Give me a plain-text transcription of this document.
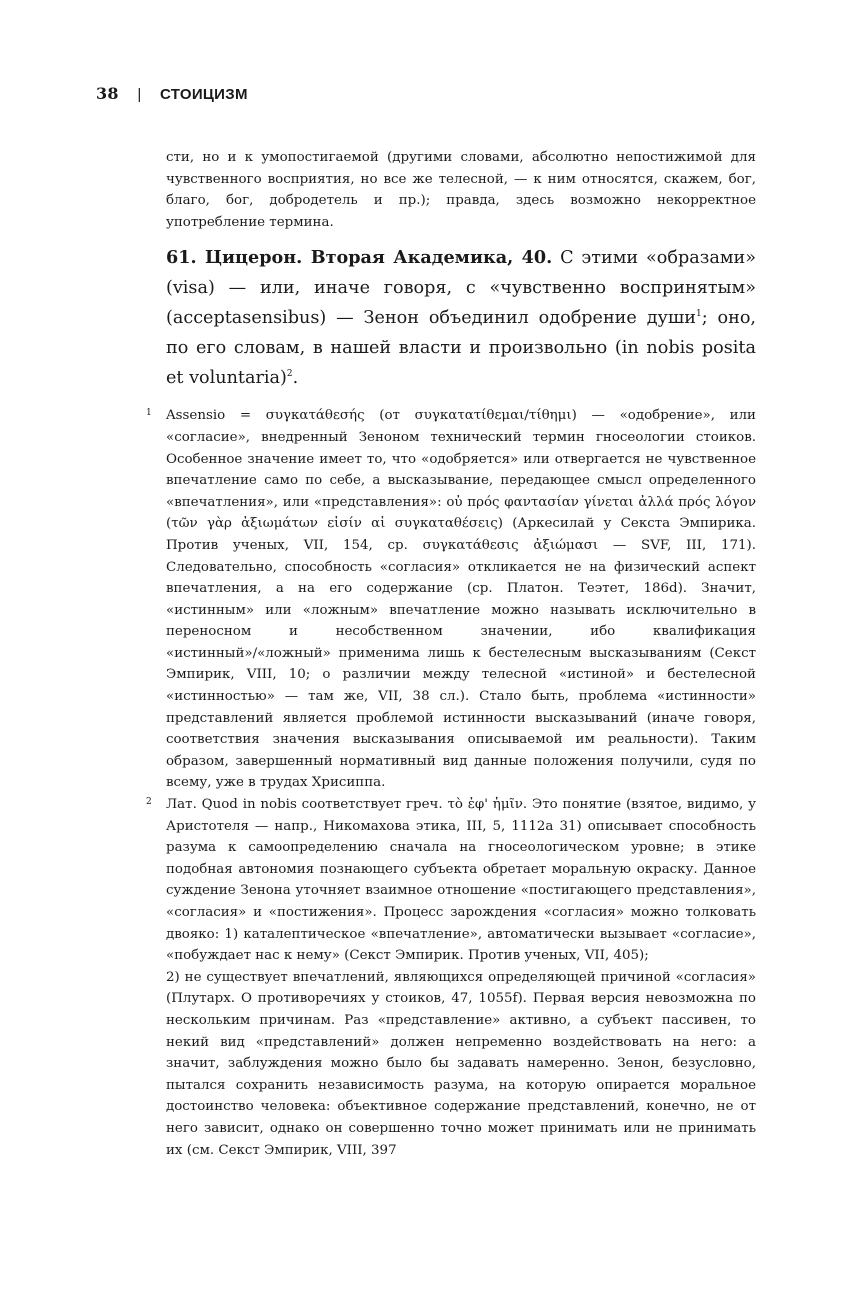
38 | СТОИЦИЗМ

сти, но и к умопостигаемой (другими словами, абсолютно непостижимой для чувственного восприятия, но все же телесной, — к ним относятся, скажем, бог, благо, бог, добродетель и пр.); правда, здесь возможно некорректное употребление термина.

61. Цицерон. Вторая Академика, 40. С этими «образами» (visa) — или, иначе говоря, с «чувственно воспринятым» (acceptasensibus) — Зенон объединил одобрение души$^1$; оно, по его словам, в нашей власти и произвольно (in nobis posita et voluntaria)$^2$.

1 Assensio = συγκατάθεσής (от συγκατατίθεμαι/τίθημι) — «одобрение», или «согласие», внедренный Зеноном технический термин гносеологии стоиков. Особенное значение имеет то, что «одобряется» или отвергается не чувственное впечатление само по себе, а высказывание, передающее смысл определенного «впечатления», или «представления»: οὐ πρός φαντασίαν γίνεται ἀλλά πρός λόγον (τῶν γὰρ ἀξιωμάτων εἰσίν αἱ συγκαταθέσεις) (Аркесилай у Секста Эмпирика. Против ученых, VII, 154, ср. συγκατάθεσις ἀξιώμασι — SVF, III, 171). Следовательно, способность «согласия» откликается не на физический аспект впечатления, а на его содержание (ср. Платон. Теэтет, 186d). Значит, «истинным» или «ложным» впечатление можно называть исключительно в переносном и несобственном значении, ибо квалификация «истинный»/«ложный» применима лишь к бестелесным высказываниям (Секст Эмпирик, VIII, 10; о различии между телесной «истиной» и бестелесной «истинностью» — там же, VII, 38 сл.). Стало быть, проблема «истинности» представлений является проблемой истинности высказываний (иначе говоря, соответствия значения высказывания описываемой им реальности). Таким образом, завершенный нормативный вид данные положения получили, судя по всему, уже в трудах Хрисиппа.

2 Лат. Quod in nobis соответствует греч. τὸ ἐφ' ἡμῖν. Это понятие (взятое, видимо, у Аристотеля — напр., Никомахова этика, III, 5, 1112a 31) описывает способность разума к самоопределению сначала на гносеологическом уровне; в этике подобная автономия познающего субъекта обретает моральную окраску. Данное суждение Зенона уточняет взаимное отношение «постигающего представления», «согласия» и «постижения». Процесс зарождения «согласия» можно толковать двояко: 1) каталептическое «впечатление», автоматически вызывает «согласие», «побуждает нас к нему» (Секст Эмпирик. Против ученых, VII, 405);

2) не существует впечатлений, являющихся определяющей причиной «согласия» (Плутарх. О противоречиях у стоиков, 47, 1055f). Первая версия невозможна по нескольким причинам. Раз «представление» активно, а субъект пассивен, то некий вид «представлений» должен непременно воздействовать на него: а значит, заблуждения можно было бы задавать намеренно. Зенон, безусловно, пытался сохранить независимость разума, на которую опирается моральное достоинство человека: объективное содержание представлений, конечно, не от него зависит, однако он совершенно точно может принимать или не принимать их (см. Секст Эмпирик, VIII, 397
